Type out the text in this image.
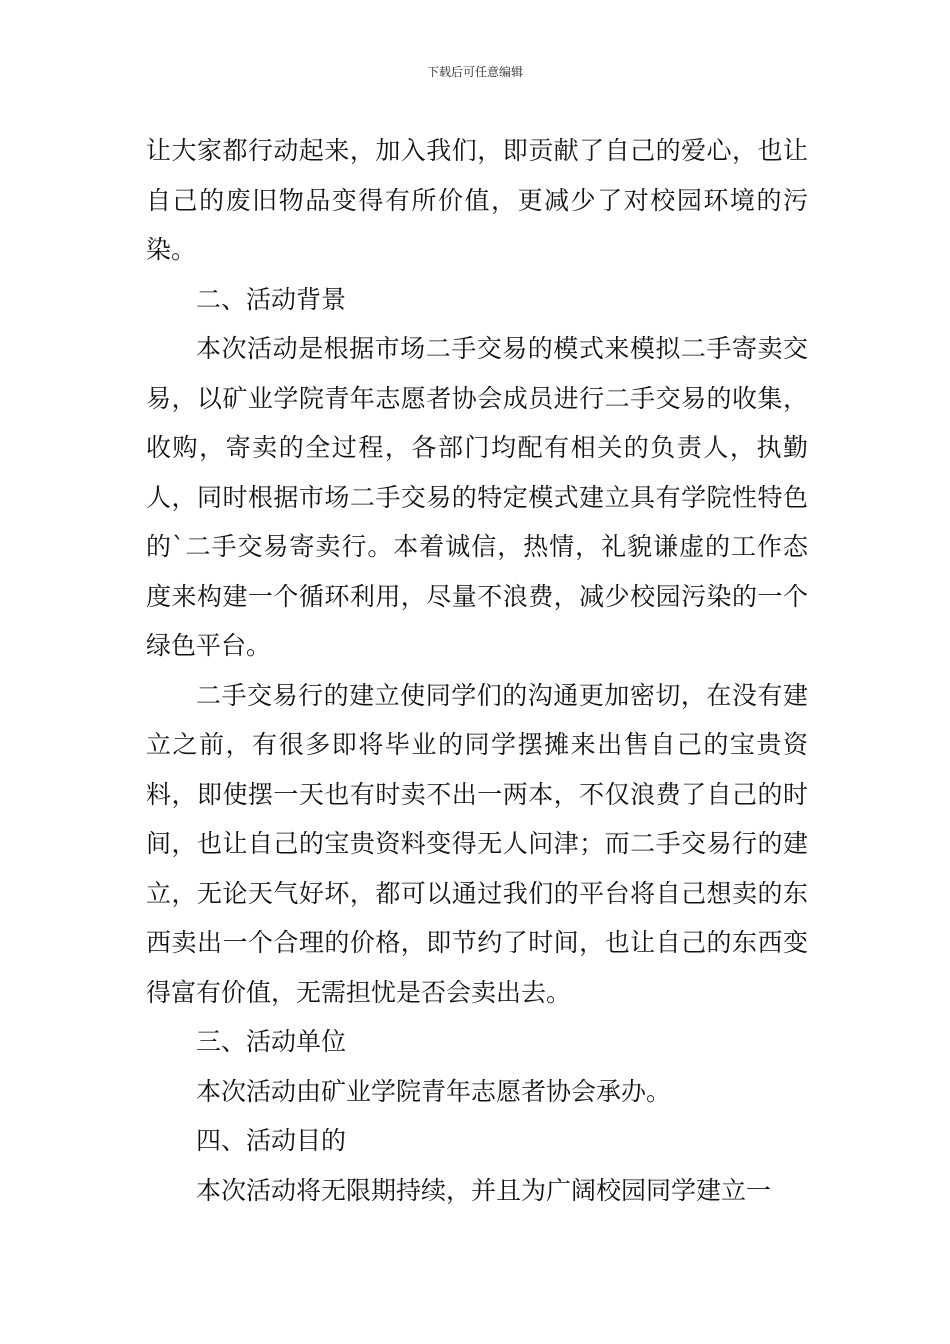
下载后可任意编辑

让大家都行动起来，加入我们，即贡献了自己的爱心，也让自己的废旧物品变得有所价值，更减少了对校园环境的污染。

二、活动背景

本次活动是根据市场二手交易的模式来模拟二手寄卖交易，以矿业学院青年志愿者协会成员进行二手交易的收集，收购，寄卖的全过程，各部门均配有相关的负责人，执勤人，同时根据市场二手交易的特定模式建立具有学院性特色的`二手交易寄卖行。本着诚信，热情，礼貌谦虚的工作态度来构建一个循环利用，尽量不浪费，减少校园污染的一个绿色平台。

二手交易行的建立使同学们的沟通更加密切，在没有建立之前，有很多即将毕业的同学摆摊来出售自己的宝贵资料，即使摆一天也有时卖不出一两本，不仅浪费了自己的时间，也让自己的宝贵资料变得无人问津；而二手交易行的建立，无论天气好坏，都可以通过我们的平台将自己想卖的东西卖出一个合理的价格，即节约了时间，也让自己的东西变得富有价值，无需担忧是否会卖出去。

三、活动单位

本次活动由矿业学院青年志愿者协会承办。

四、活动目的

本次活动将无限期持续，并且为广阔校园同学建立一
